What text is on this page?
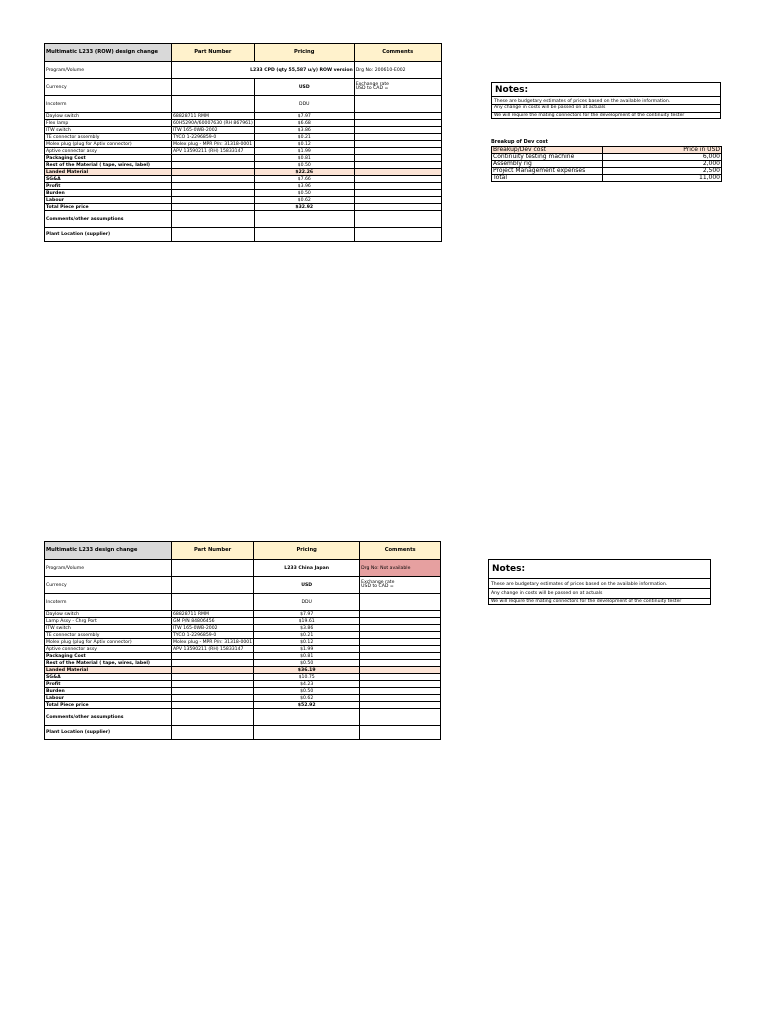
Multimatic L233 (ROW) design change	Part Number	Pricing	Comments
Program/Volume	L233 CPD (qty 55,587 u/y) ROW version		Drg No: 200610-E002
Currency		USD	Exchange rate
USD to CAD =
Incoterm		DDU	
Daylow switch	68828711 RMM	$7.97	
Flex lamp	60H5290A/60007630 (RH 867961)	$6.68	
ITW switch	ITW 165-0WB-2002	$3.86	
TE connector assembly	TYCO 1-2296859-0	$0.21	
Molex plug (plug for Aptiv connector)	Molex plug - MPR P/n: 31318-0001	$0.12	
Aptive connector assy	APV 13590211 (RH) 15833147	$1.99	
Packaging Cost		$0.81	
Rest of the Material ( tape, wires, label)		$0.50	
Landed Material		$22.26	
SG&A		$7.66	
Profit		$3.96	
Burden		$0.50	
Labour		$0.62	
Total Piece price		$32.92	
Comments/other assumptions			
Plant Location (supplier)			
Notes:
These are budgetary estimates of prices based on the available information.
Any change in costs will be passed on at actuals
We will require the mating connectors for the development of the continuity tester
Breakup of Dev cost
Breakup/Dev cost	Price in USD
Continuity testing machine	6,000
Assembly rig	2,000
Project Management expenses	2,500
Total	11,000
Multimatic L233 design change	Part Number	Pricing	Comments
Program/Volume		L233 China Japan	Drg No: Not available
Currency		USD	Exchange rate
USD to CAD =
Incoterm		DDU	
Daylow switch	68828711 RMM	$7.97	
Lamp Assy - Chrg Port	GM P/N 84806456	$19.61	
ITW switch	ITW 165-0WB-2002	$3.86	
TE connector assembly	TYCO 1-2296859-0	$0.21	
Molex plug (plug for Aptiv connector)	Molex plug - MPR P/n: 31318-0001	$0.12	
Aptive connector assy	APV 13590211 (RH) 15833147	$1.99	
Packaging Cost		$0.81	
Rest of the Material ( tape, wires, label)		$0.50	
Landed Material		$36.19	
SG&A		$10.75	
Profit		$4.23	
Burden		$0.50	
Labour		$0.62	
Total Piece price		$52.92	
Comments/other assumptions			
Plant Location (supplier)			
Notes:
These are budgetary estimates of prices based on the available information.
Any change in costs will be passed on at actuals
We will require the mating connectors for the development of the continuity tester
